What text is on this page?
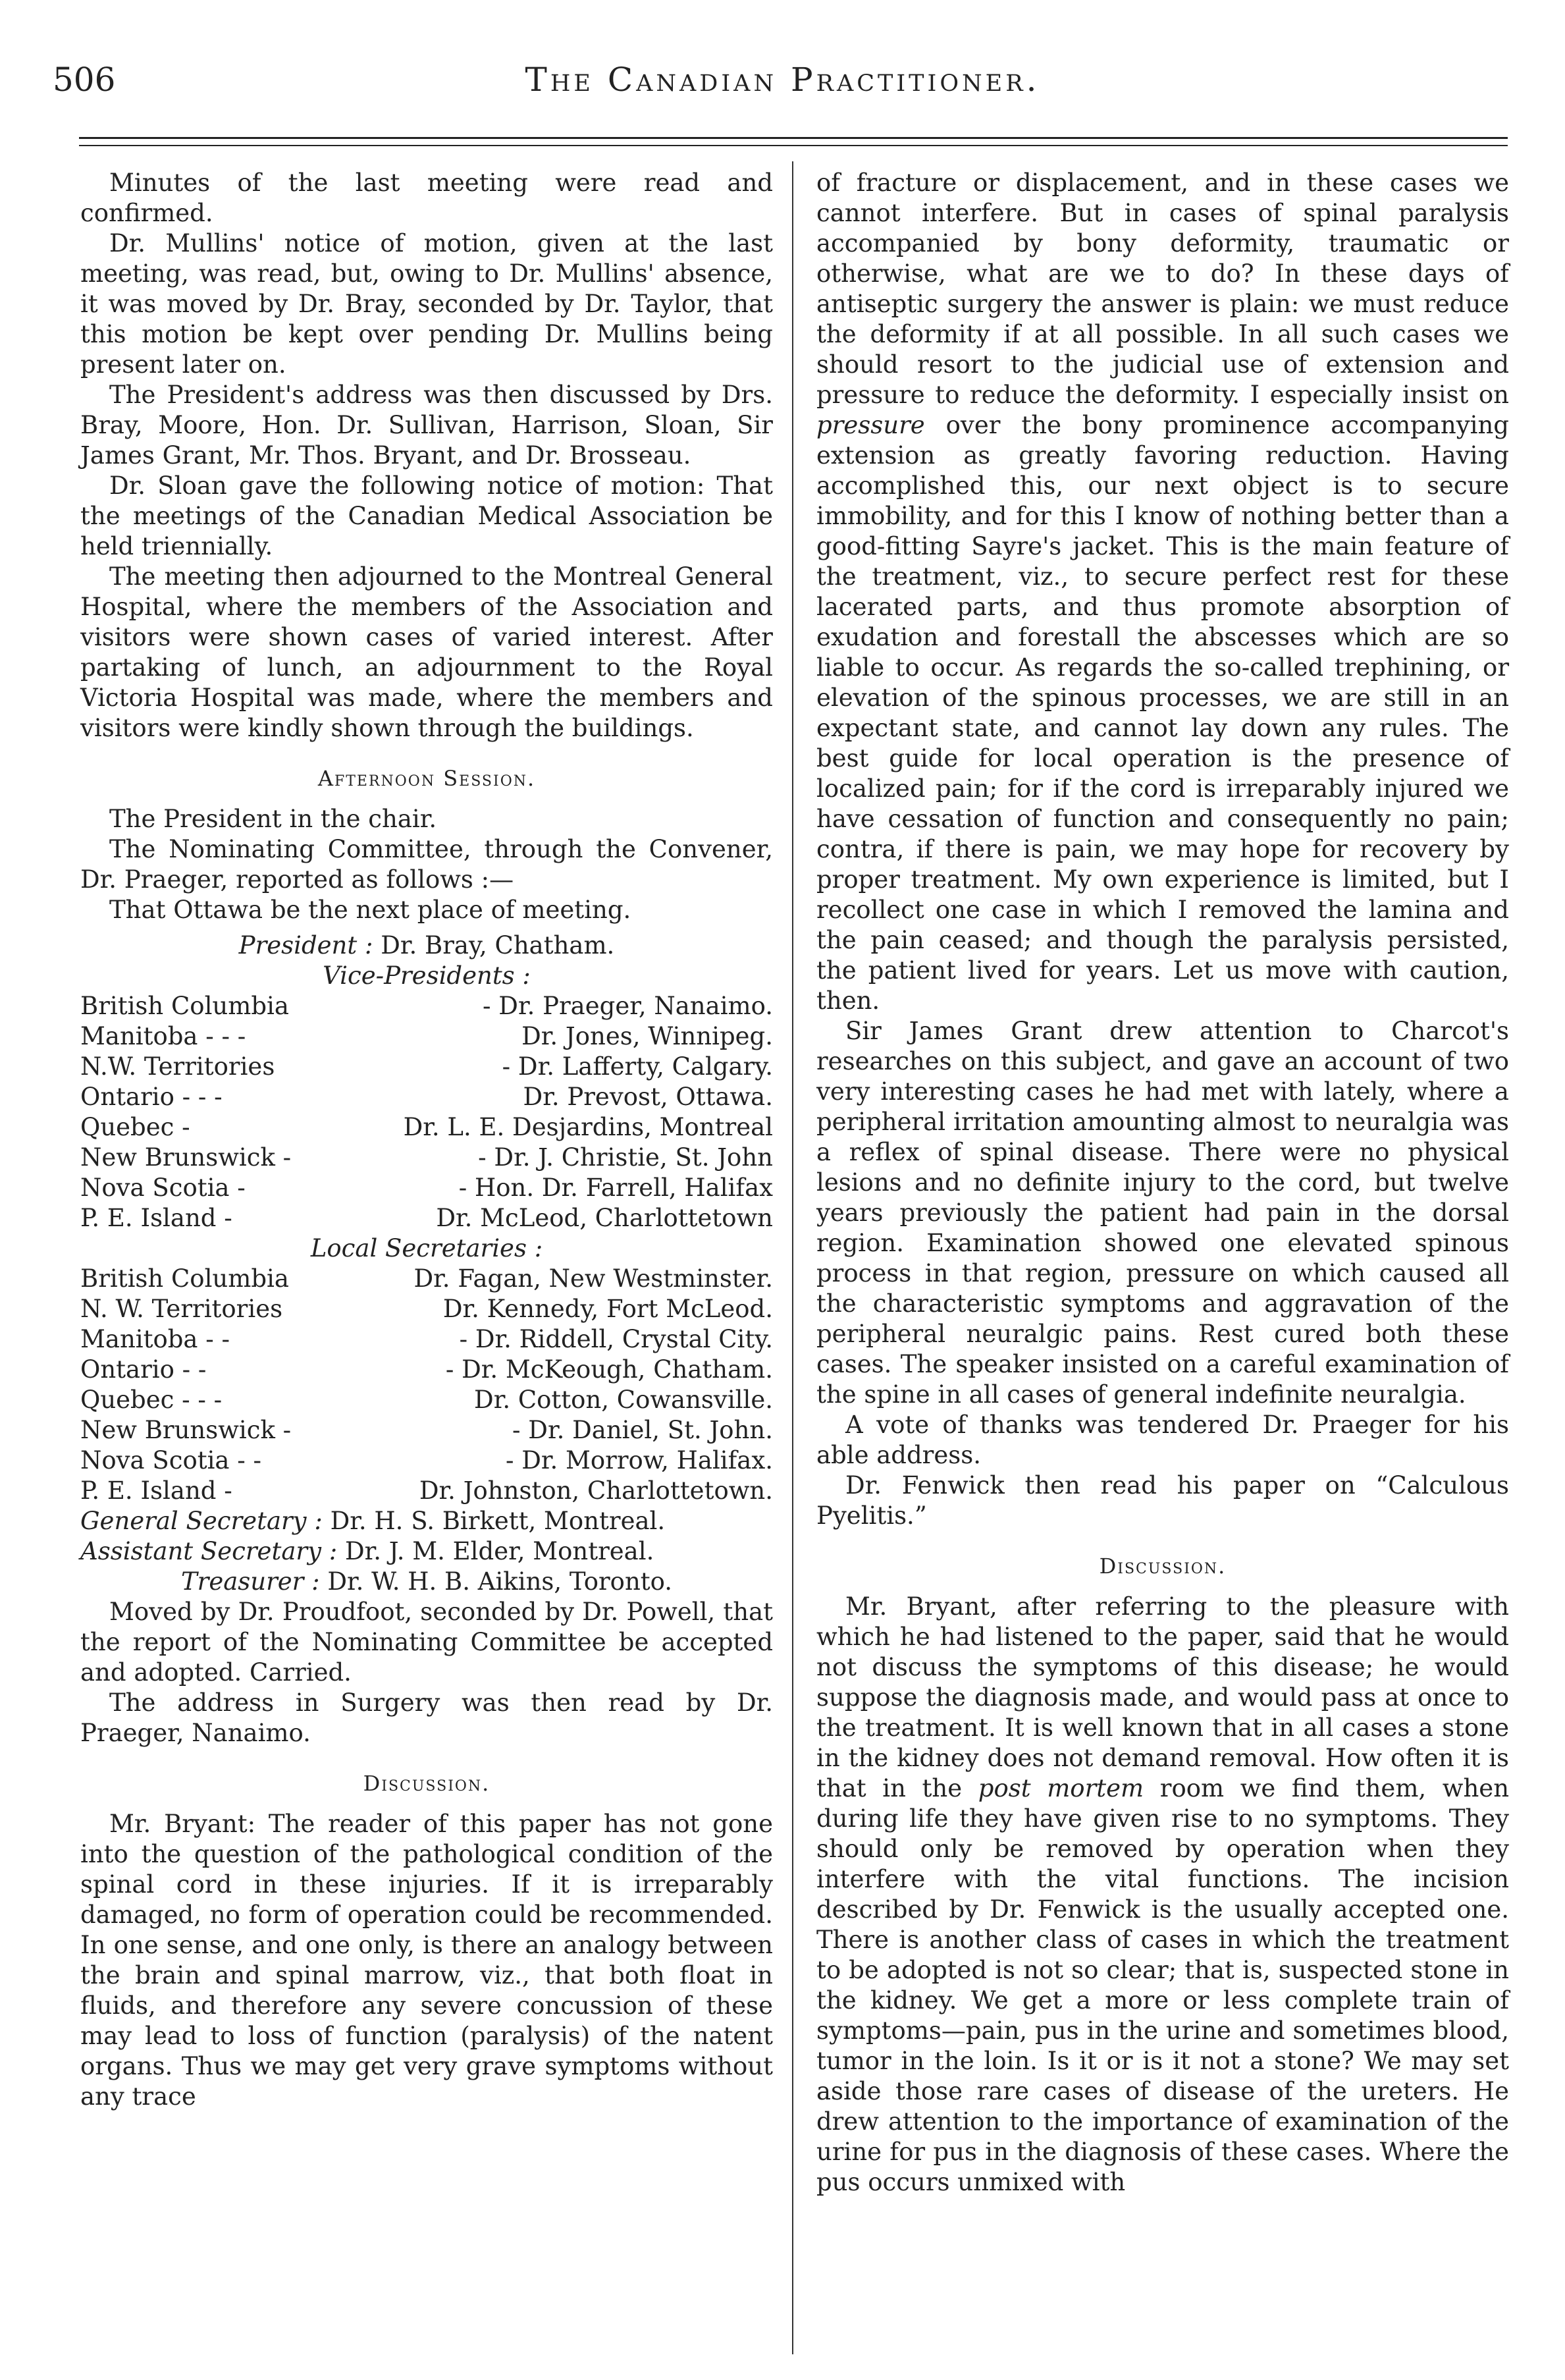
The Canadian Practitioner.
506

Minutes of the last meeting were read and confirmed.

Dr. Mullins' notice of motion, given at the last meeting, was read, but, owing to Dr. Mullins' absence, it was moved by Dr. Bray, seconded by Dr. Taylor, that this motion be kept over pending Dr. Mullins being present later on.

The President's address was then discussed by Drs. Bray, Moore, Hon. Dr. Sullivan, Harrison, Sloan, Sir James Grant, Mr. Thos. Bryant, and Dr. Brosseau.

Dr. Sloan gave the following notice of motion: That the meetings of the Canadian Medical Association be held triennially.

The meeting then adjourned to the Montreal General Hospital, where the members of the Association and visitors were shown cases of varied interest. After partaking of lunch, an adjournment to the Royal Victoria Hospital was made, where the members and visitors were kindly shown through the buildings.

Afternoon Session.

The President in the chair.

The Nominating Committee, through the Convener, Dr. Praeger, reported as follows :—

That Ottawa be the next place of meeting.

President : Dr. Bray, Chatham.
Vice-Presidents :
British Columbia	- Dr. Praeger, Nanaimo.
Manitoba - - -	Dr. Jones, Winnipeg.
N.W. Territories	- Dr. Lafferty, Calgary.
Ontario - - -	Dr. Prevost, Ottawa.
Quebec -	Dr. L. E. Desjardins, Montreal
New Brunswick -	- Dr. J. Christie, St. John
Nova Scotia -	- Hon. Dr. Farrell, Halifax
P. E. Island -	Dr. McLeod, Charlottetown
Local Secretaries :
British Columbia	Dr. Fagan, New Westminster.
N. W. Territories	Dr. Kennedy, Fort McLeod.
Manitoba - -	- Dr. Riddell, Crystal City.
Ontario - -	- Dr. McKeough, Chatham.
Quebec - - -	Dr. Cotton, Cowansville.
New Brunswick -	- Dr. Daniel, St. John.
Nova Scotia - -	- Dr. Morrow, Halifax.
P. E. Island -	Dr. Johnston, Charlottetown.
General Secretary : Dr. H. S. Birkett, Montreal.
Assistant Secretary : Dr. J. M. Elder, Montreal.
Treasurer : Dr. W. H. B. Aikins, Toronto.

Moved by Dr. Proudfoot, seconded by Dr. Powell, that the report of the Nominating Committee be accepted and adopted. Carried.

The address in Surgery was then read by Dr. Praeger, Nanaimo.

Discussion.

Mr. Bryant: The reader of this paper has not gone into the question of the pathological condition of the spinal cord in these injuries. If it is irreparably damaged, no form of operation could be recommended. In one sense, and one only, is there an analogy between the brain and spinal marrow, viz., that both float in fluids, and therefore any severe concussion of these may lead to loss of function (paralysis) of the natent organs. Thus we may get very grave symptoms without any trace

of fracture or displacement, and in these cases we cannot interfere. But in cases of spinal paralysis accompanied by bony deformity, traumatic or otherwise, what are we to do? In these days of antiseptic surgery the answer is plain: we must reduce the deformity if at all possible. In all such cases we should resort to the judicial use of extension and pressure to reduce the deformity. I especially insist on pressure over the bony prominence accompanying extension as greatly favoring reduction. Having accomplished this, our next object is to secure immobility, and for this I know of nothing better than a good-fitting Sayre's jacket. This is the main feature of the treatment, viz., to secure perfect rest for these lacerated parts, and thus promote absorption of exudation and forestall the abscesses which are so liable to occur. As regards the so-called trephining, or elevation of the spinous processes, we are still in an expectant state, and cannot lay down any rules. The best guide for local operation is the presence of localized pain; for if the cord is irreparably injured we have cessation of function and consequently no pain; contra, if there is pain, we may hope for recovery by proper treatment. My own experience is limited, but I recollect one case in which I removed the lamina and the pain ceased; and though the paralysis persisted, the patient lived for years. Let us move with caution, then.

Sir James Grant drew attention to Charcot's researches on this subject, and gave an account of two very interesting cases he had met with lately, where a peripheral irritation amounting almost to neuralgia was a reflex of spinal disease. There were no physical lesions and no definite injury to the cord, but twelve years previously the patient had pain in the dorsal region. Examination showed one elevated spinous process in that region, pressure on which caused all the characteristic symptoms and aggravation of the peripheral neuralgic pains. Rest cured both these cases. The speaker insisted on a careful examination of the spine in all cases of general indefinite neuralgia.

A vote of thanks was tendered Dr. Praeger for his able address.

Dr. Fenwick then read his paper on “Calculous Pyelitis.”

Discussion.

Mr. Bryant, after referring to the pleasure with which he had listened to the paper, said that he would not discuss the symptoms of this disease; he would suppose the diagnosis made, and would pass at once to the treatment. It is well known that in all cases a stone in the kidney does not demand removal. How often it is that in the post mortem room we find them, when during life they have given rise to no symptoms. They should only be removed by operation when they interfere with the vital functions. The incision described by Dr. Fenwick is the usually accepted one. There is another class of cases in which the treatment to be adopted is not so clear; that is, suspected stone in the kidney. We get a more or less complete train of symptoms—pain, pus in the urine and sometimes blood, tumor in the loin. Is it or is it not a stone? We may set aside those rare cases of disease of the ureters. He drew attention to the importance of examination of the urine for pus in the diagnosis of these cases. Where the pus occurs unmixed with
